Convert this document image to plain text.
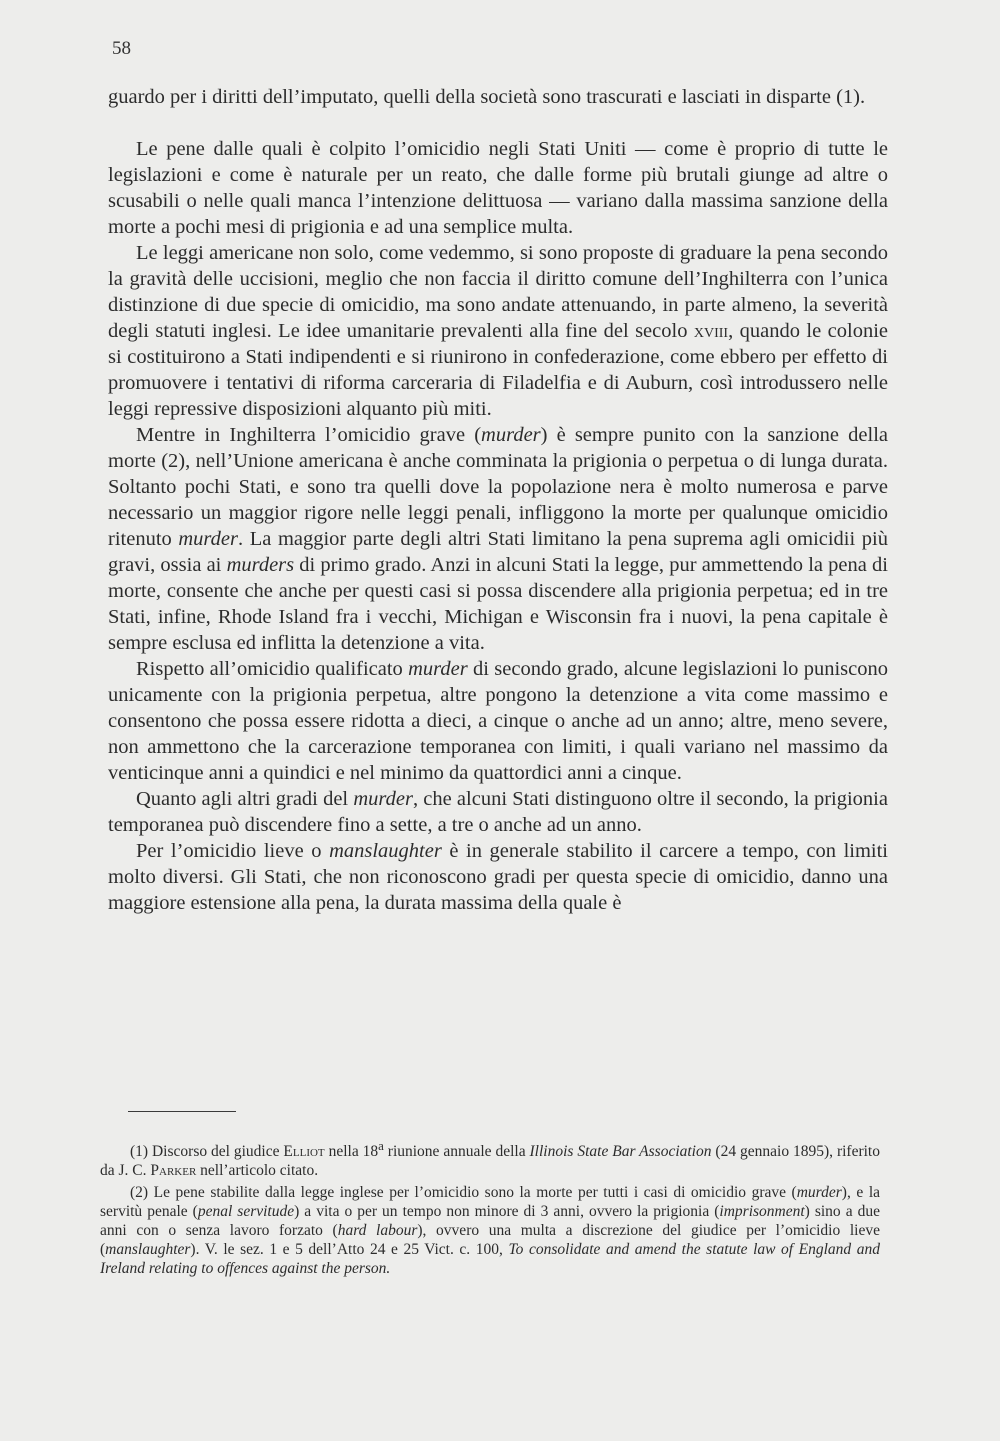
58

guardo per i diritti dell’imputato, quelli della società sono trascurati e lasciati in disparte (1).

Le pene dalle quali è colpito l’omicidio negli Stati Uniti — come è proprio di tutte le legislazioni e come è naturale per un reato, che dalle forme più brutali giunge ad altre o scusabili o nelle quali manca l’intenzione delittuosa — variano dalla massima sanzione della morte a pochi mesi di prigionia e ad una semplice multa.

Le leggi americane non solo, come vedemmo, si sono proposte di graduare la pena secondo la gravità delle uccisioni, meglio che non faccia il diritto comune dell’Inghilterra con l’unica distinzione di due specie di omicidio, ma sono andate attenuando, in parte almeno, la severità degli statuti inglesi. Le idee umanitarie prevalenti alla fine del secolo xviii, quando le colonie si costituirono a Stati indipendenti e si riunirono in confederazione, come ebbero per effetto di promuovere i tentativi di riforma carceraria di Filadelfia e di Auburn, così introdussero nelle leggi repressive disposizioni alquanto più miti.

Mentre in Inghilterra l’omicidio grave (murder) è sempre punito con la sanzione della morte (2), nell’Unione americana è anche comminata la prigionia o perpetua o di lunga durata. Soltanto pochi Stati, e sono tra quelli dove la popolazione nera è molto numerosa e parve necessario un maggior rigore nelle leggi penali, infliggono la morte per qualunque omicidio ritenuto murder. La maggior parte degli altri Stati limitano la pena suprema agli omicidii più gravi, ossia ai murders di primo grado. Anzi in alcuni Stati la legge, pur ammettendo la pena di morte, consente che anche per questi casi si possa discendere alla prigionia perpetua; ed in tre Stati, infine, Rhode Island fra i vecchi, Michigan e Wisconsin fra i nuovi, la pena capitale è sempre esclusa ed inflitta la detenzione a vita.

Rispetto all’omicidio qualificato murder di secondo grado, alcune legislazioni lo puniscono unicamente con la prigionia perpetua, altre pongono la detenzione a vita come massimo e consentono che possa essere ridotta a dieci, a cinque o anche ad un anno; altre, meno severe, non ammettono che la carcerazione temporanea con limiti, i quali variano nel massimo da venticinque anni a quindici e nel minimo da quattordici anni a cinque.

Quanto agli altri gradi del murder, che alcuni Stati distinguono oltre il secondo, la prigionia temporanea può discendere fino a sette, a tre o anche ad un anno.

Per l’omicidio lieve o manslaughter è in generale stabilito il carcere a tempo, con limiti molto diversi. Gli Stati, che non riconoscono gradi per questa specie di omicidio, danno una maggiore estensione alla pena, la durata massima della quale è

(1) Discorso del giudice Elliot nella 18$^a$ riunione annuale della Illinois State Bar Association (24 gennaio 1895), riferito da J. C. Parker nell’articolo citato.

(2) Le pene stabilite dalla legge inglese per l’omicidio sono la morte per tutti i casi di omicidio grave (murder), e la servitù penale (penal servitude) a vita o per un tempo non minore di 3 anni, ovvero la prigionia (imprisonment) sino a due anni con o senza lavoro forzato (hard labour), ovvero una multa a discrezione del giudice per l’omicidio lieve (manslaughter). V. le sez. 1 e 5 dell’Atto 24 e 25 Vict. c. 100, To consolidate and amend the statute law of England and Ireland relating to offences against the person.
